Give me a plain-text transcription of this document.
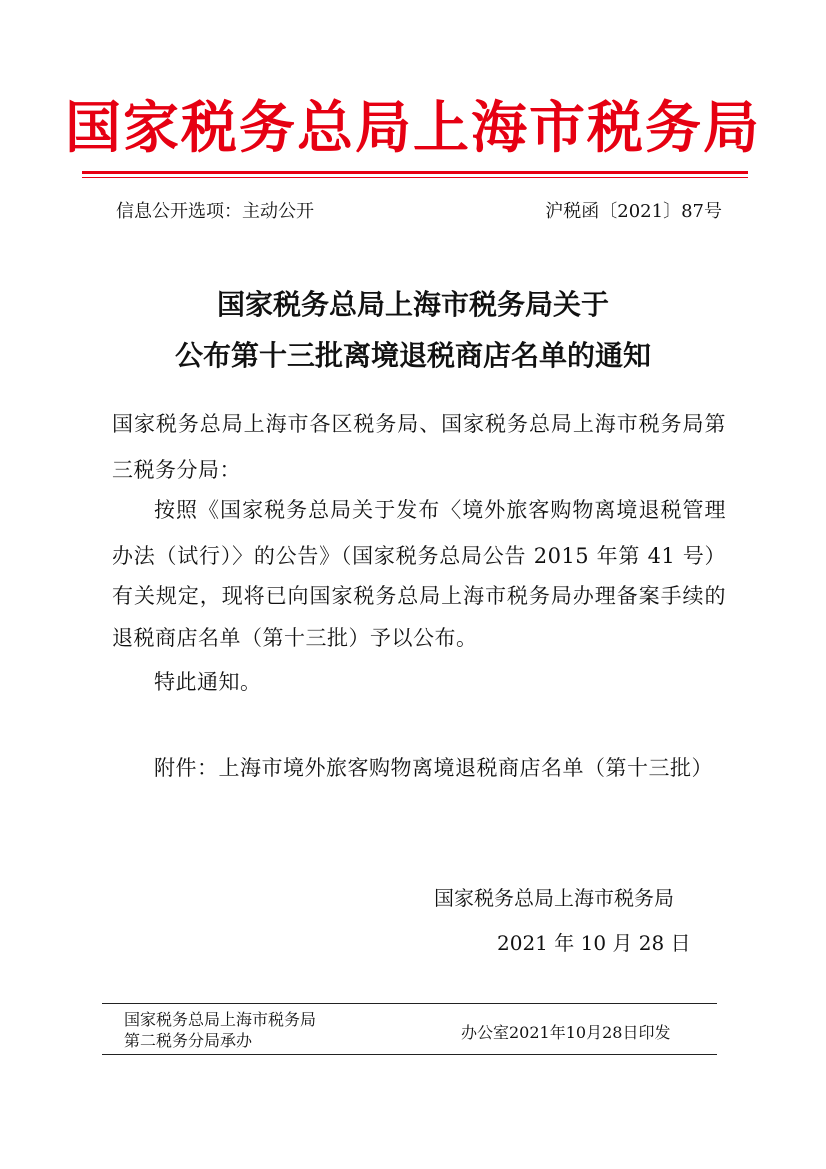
国家税务总局上海市税务局
信息公开选项：主动公开	沪税函〔2021〕87号
国家税务总局上海市税务局关于
公布第十三批离境退税商店名单的通知
国家税务总局上海市各区税务局、国家税务总局上海市税务局第
三税务分局：
按照《国家税务总局关于发布〈境外旅客购物离境退税管理
办法（试行）〉的公告》（国家税务总局公告 2015 年第 41 号）
有关规定，现将已向国家税务总局上海市税务局办理备案手续的
退税商店名单（第十三批）予以公布。
特此通知。
附件：上海市境外旅客购物离境退税商店名单（第十三批）
国家税务总局上海市税务局
2021 年 10 月 28 日
国家税务总局上海市税务局
第二税务分局承办	办公室2021年10月28日印发
